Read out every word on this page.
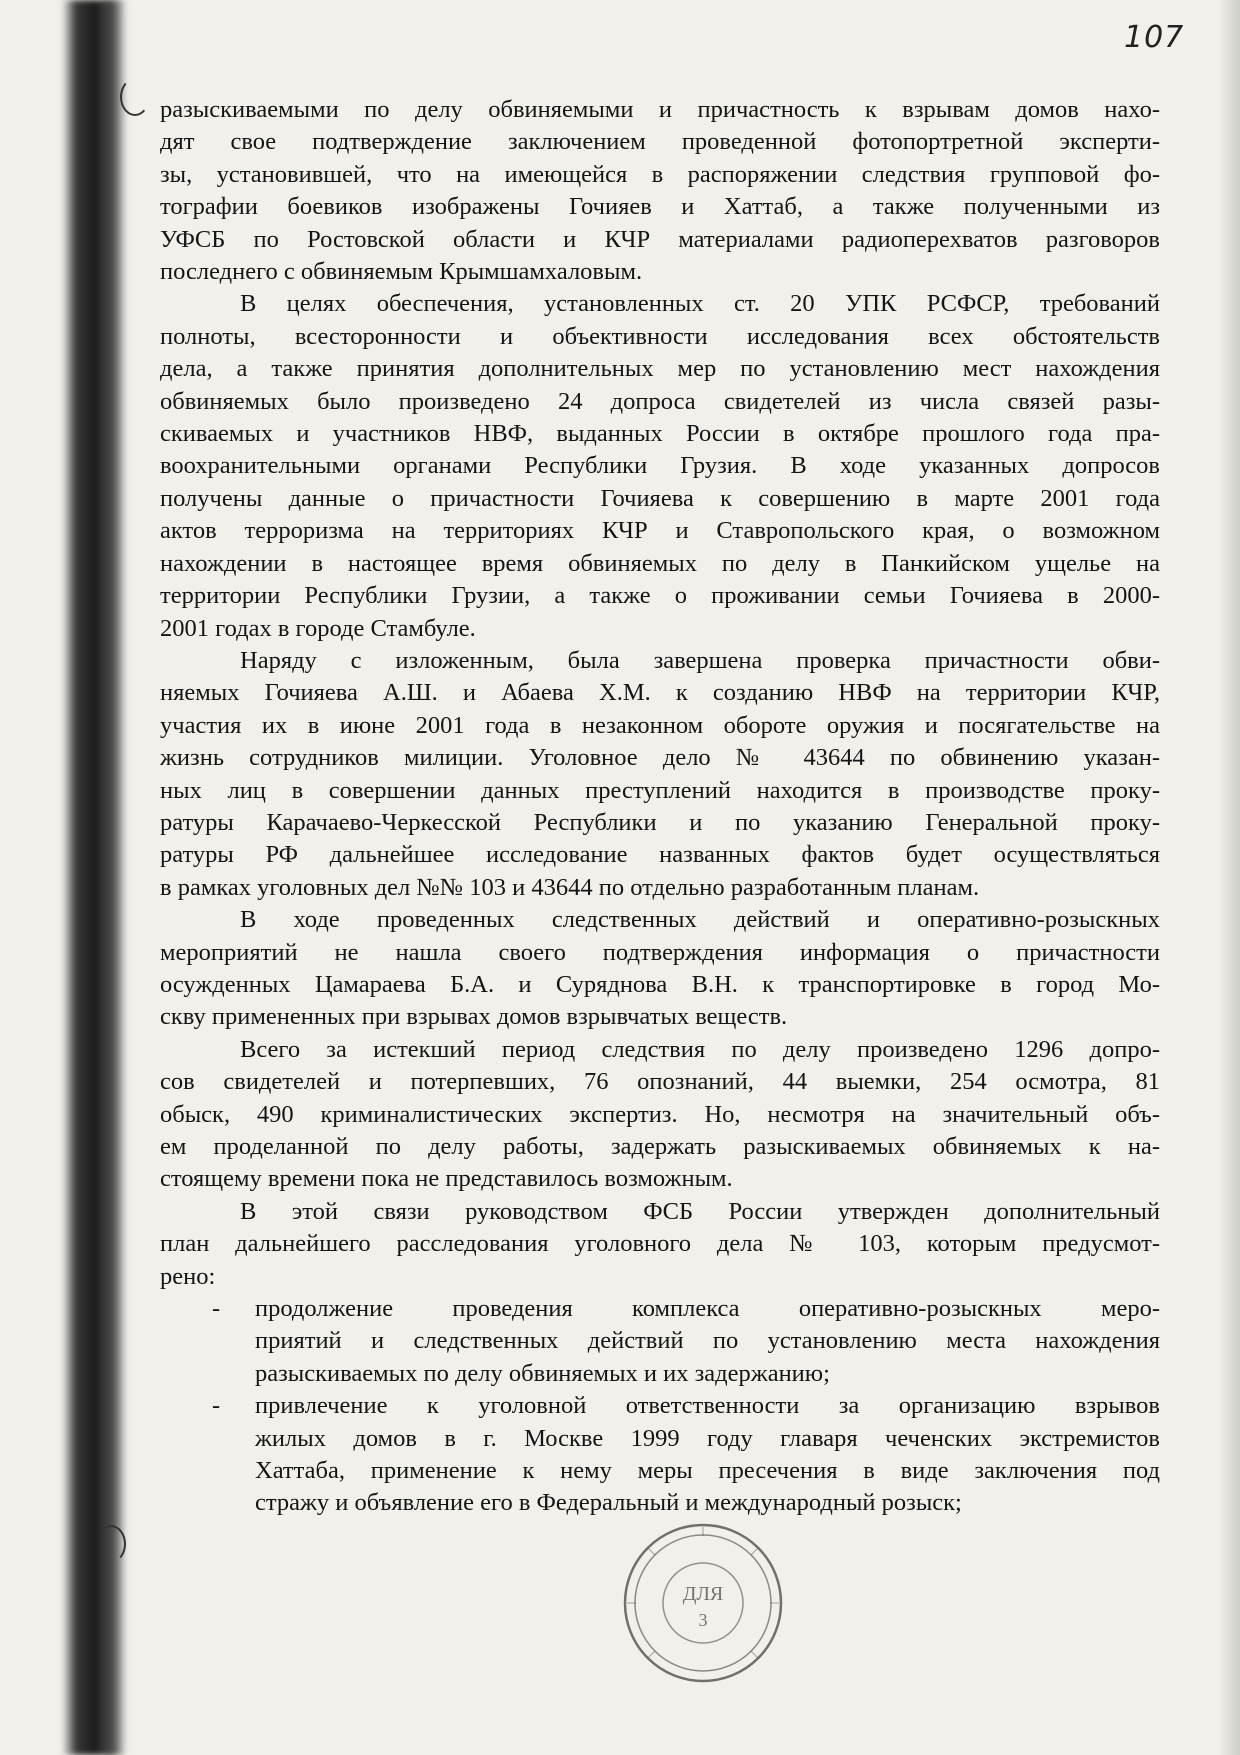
107
разыскиваемыми по делу обвиняемыми и причастность к взрывам домов нахо-
дят свое подтверждение заключением проведенной фотопортретной эксперти-
зы, установившей, что на имеющейся в распоряжении следствия групповой фо-
тографии боевиков изображены Гочияев и Хаттаб, а также полученными из
УФСБ по Ростовской области и КЧР материалами радиоперехватов разговоров
последнего с обвиняемым Крымшамхаловым.
В целях обеспечения, установленных ст. 20 УПК РСФСР, требований
полноты, всесторонности и объективности исследования всех обстоятельств
дела, а также принятия дополнительных мер по установлению мест нахождения
обвиняемых было произведено 24 допроса свидетелей из числа связей разы-
скиваемых и участников НВФ, выданных России в октябре прошлого года пра-
воохранительными органами Республики Грузия. В ходе указанных допросов
получены данные о причастности Гочияева к совершению в марте 2001 года
актов терроризма на территориях КЧР и Ставропольского края, о возможном
нахождении в настоящее время обвиняемых по делу в Панкийском ущелье на
территории Республики Грузии, а также о проживании семьи Гочияева в 2000-
2001 годах в городе Стамбуле.
Наряду с изложенным, была завершена проверка причастности обви-
няемых Гочияева А.Ш. и Абаева Х.М. к созданию НВФ на территории КЧР,
участия их в июне 2001 года в незаконном обороте оружия и посягательстве на
жизнь сотрудников милиции. Уголовное дело № 43644 по обвинению указан-
ных лиц в совершении данных преступлений находится в производстве проку-
ратуры Карачаево-Черкесской Республики и по указанию Генеральной проку-
ратуры РФ дальнейшее исследование названных фактов будет осуществляться
в рамках уголовных дел №№ 103 и 43644 по отдельно разработанным планам.
В ходе проведенных следственных действий и оперативно-розыскных
мероприятий не нашла своего подтверждения информация о причастности
осужденных Цамараева Б.А. и Суряднова В.Н. к транспортировке в город Мо-
скву примененных при взрывах домов взрывчатых веществ.
Всего за истекший период следствия по делу произведено 1296 допро-
сов свидетелей и потерпевших, 76 опознаний, 44 выемки, 254 осмотра, 81
обыск, 490 криминалистических экспертиз. Но, несмотря на значительный объ-
ем проделанной по делу работы, задержать разыскиваемых обвиняемых к на-
стоящему времени пока не представилось возможным.
В этой связи руководством ФСБ России утвержден дополнительный
план дальнейшего расследования уголовного дела № 103, которым предусмот-
рено:
- продолжение проведения комплекса оперативно-розыскных меро-
приятий и следственных действий по установлению места нахождения
разыскиваемых по делу обвиняемых и их задержанию;
- привлечение к уголовной ответственности за организацию взрывов
жилых домов в г. Москве 1999 году главаря чеченских экстремистов
Хаттаба, применение к нему меры пресечения в виде заключения под
стражу и объявление его в Федеральный и международный розыск;
ДЛЯ
3
